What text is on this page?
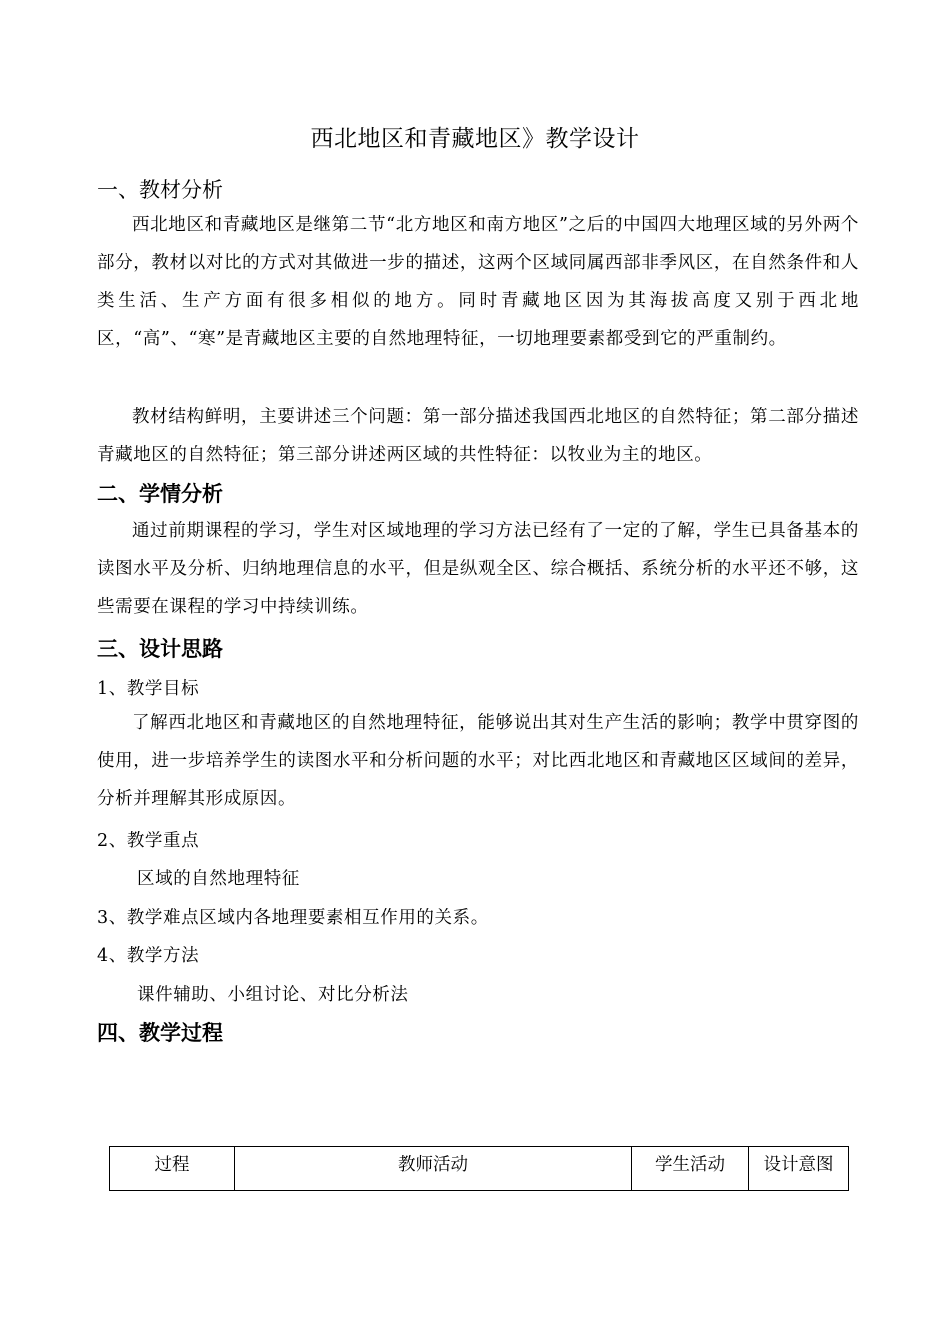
西北地区和青藏地区》教学设计
一、教材分析
西北地区和青藏地区是继第二节“北方地区和南方地区”之后的中国四大地理区域的另外两个部分，教材以对比的方式对其做进一步的描述，这两个区域同属西部非季风区，在自然条件和人类生活、生产方面有很多相似的地方。同时青藏地区因为其海拔高度又别于西北地区，“高”、“寒”是青藏地区主要的自然地理特征，一切地理要素都受到它的严重制约。
教材结构鲜明，主要讲述三个问题：第一部分描述我国西北地区的自然特征；第二部分描述青藏地区的自然特征；第三部分讲述两区域的共性特征：以牧业为主的地区。
二、学情分析
通过前期课程的学习，学生对区域地理的学习方法已经有了一定的了解，学生已具备基本的读图水平及分析、归纳地理信息的水平，但是纵观全区、综合概括、系统分析的水平还不够，这些需要在课程的学习中持续训练。
三、设计思路
1、教学目标
了解西北地区和青藏地区的自然地理特征，能够说出其对生产生活的影响；教学中贯穿图的使用，进一步培养学生的读图水平和分析问题的水平；对比西北地区和青藏地区区域间的差异，分析并理解其形成原因。
2、教学重点
区域的自然地理特征
3、教学难点区域内各地理要素相互作用的关系。
4、教学方法
课件辅助、小组讨论、对比分析法
四、教学过程
过程	教师活动	学生活动	设计意图
